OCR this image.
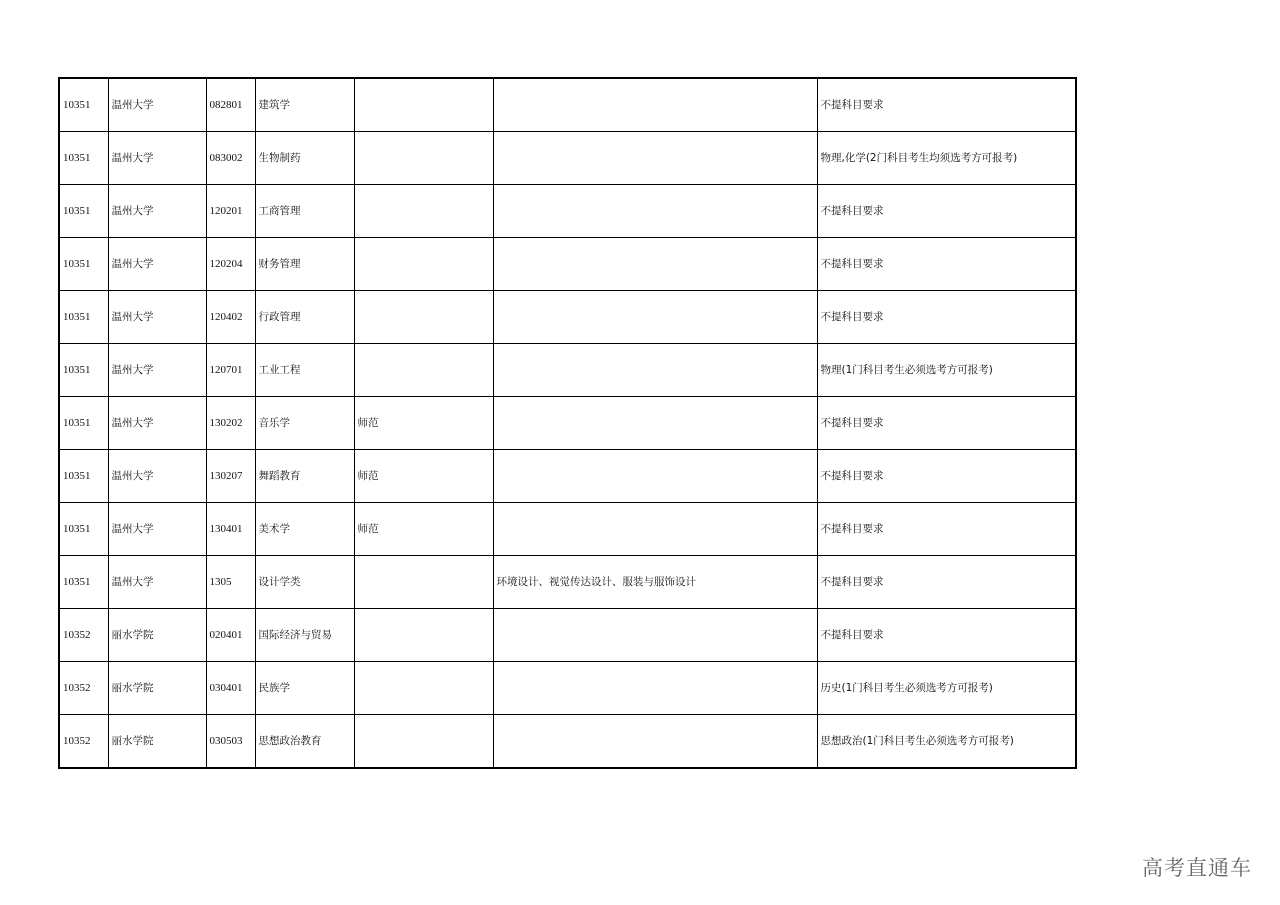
10351	温州大学	082801	建筑学			不提科目要求
10351	温州大学	083002	生物制药			物理,化学(2门科目考生均须选考方可报考)
10351	温州大学	120201	工商管理			不提科目要求
10351	温州大学	120204	财务管理			不提科目要求
10351	温州大学	120402	行政管理			不提科目要求
10351	温州大学	120701	工业工程			物理(1门科目考生必须选考方可报考)
10351	温州大学	130202	音乐学	师范		不提科目要求
10351	温州大学	130207	舞蹈教育	师范		不提科目要求
10351	温州大学	130401	美术学	师范		不提科目要求
10351	温州大学	1305	设计学类		环境设计、视觉传达设计、服装与服饰设计	不提科目要求
10352	丽水学院	020401	国际经济与贸易			不提科目要求
10352	丽水学院	030401	民族学			历史(1门科目考生必须选考方可报考)
10352	丽水学院	030503	思想政治教育			思想政治(1门科目考生必须选考方可报考)
高考直通车
